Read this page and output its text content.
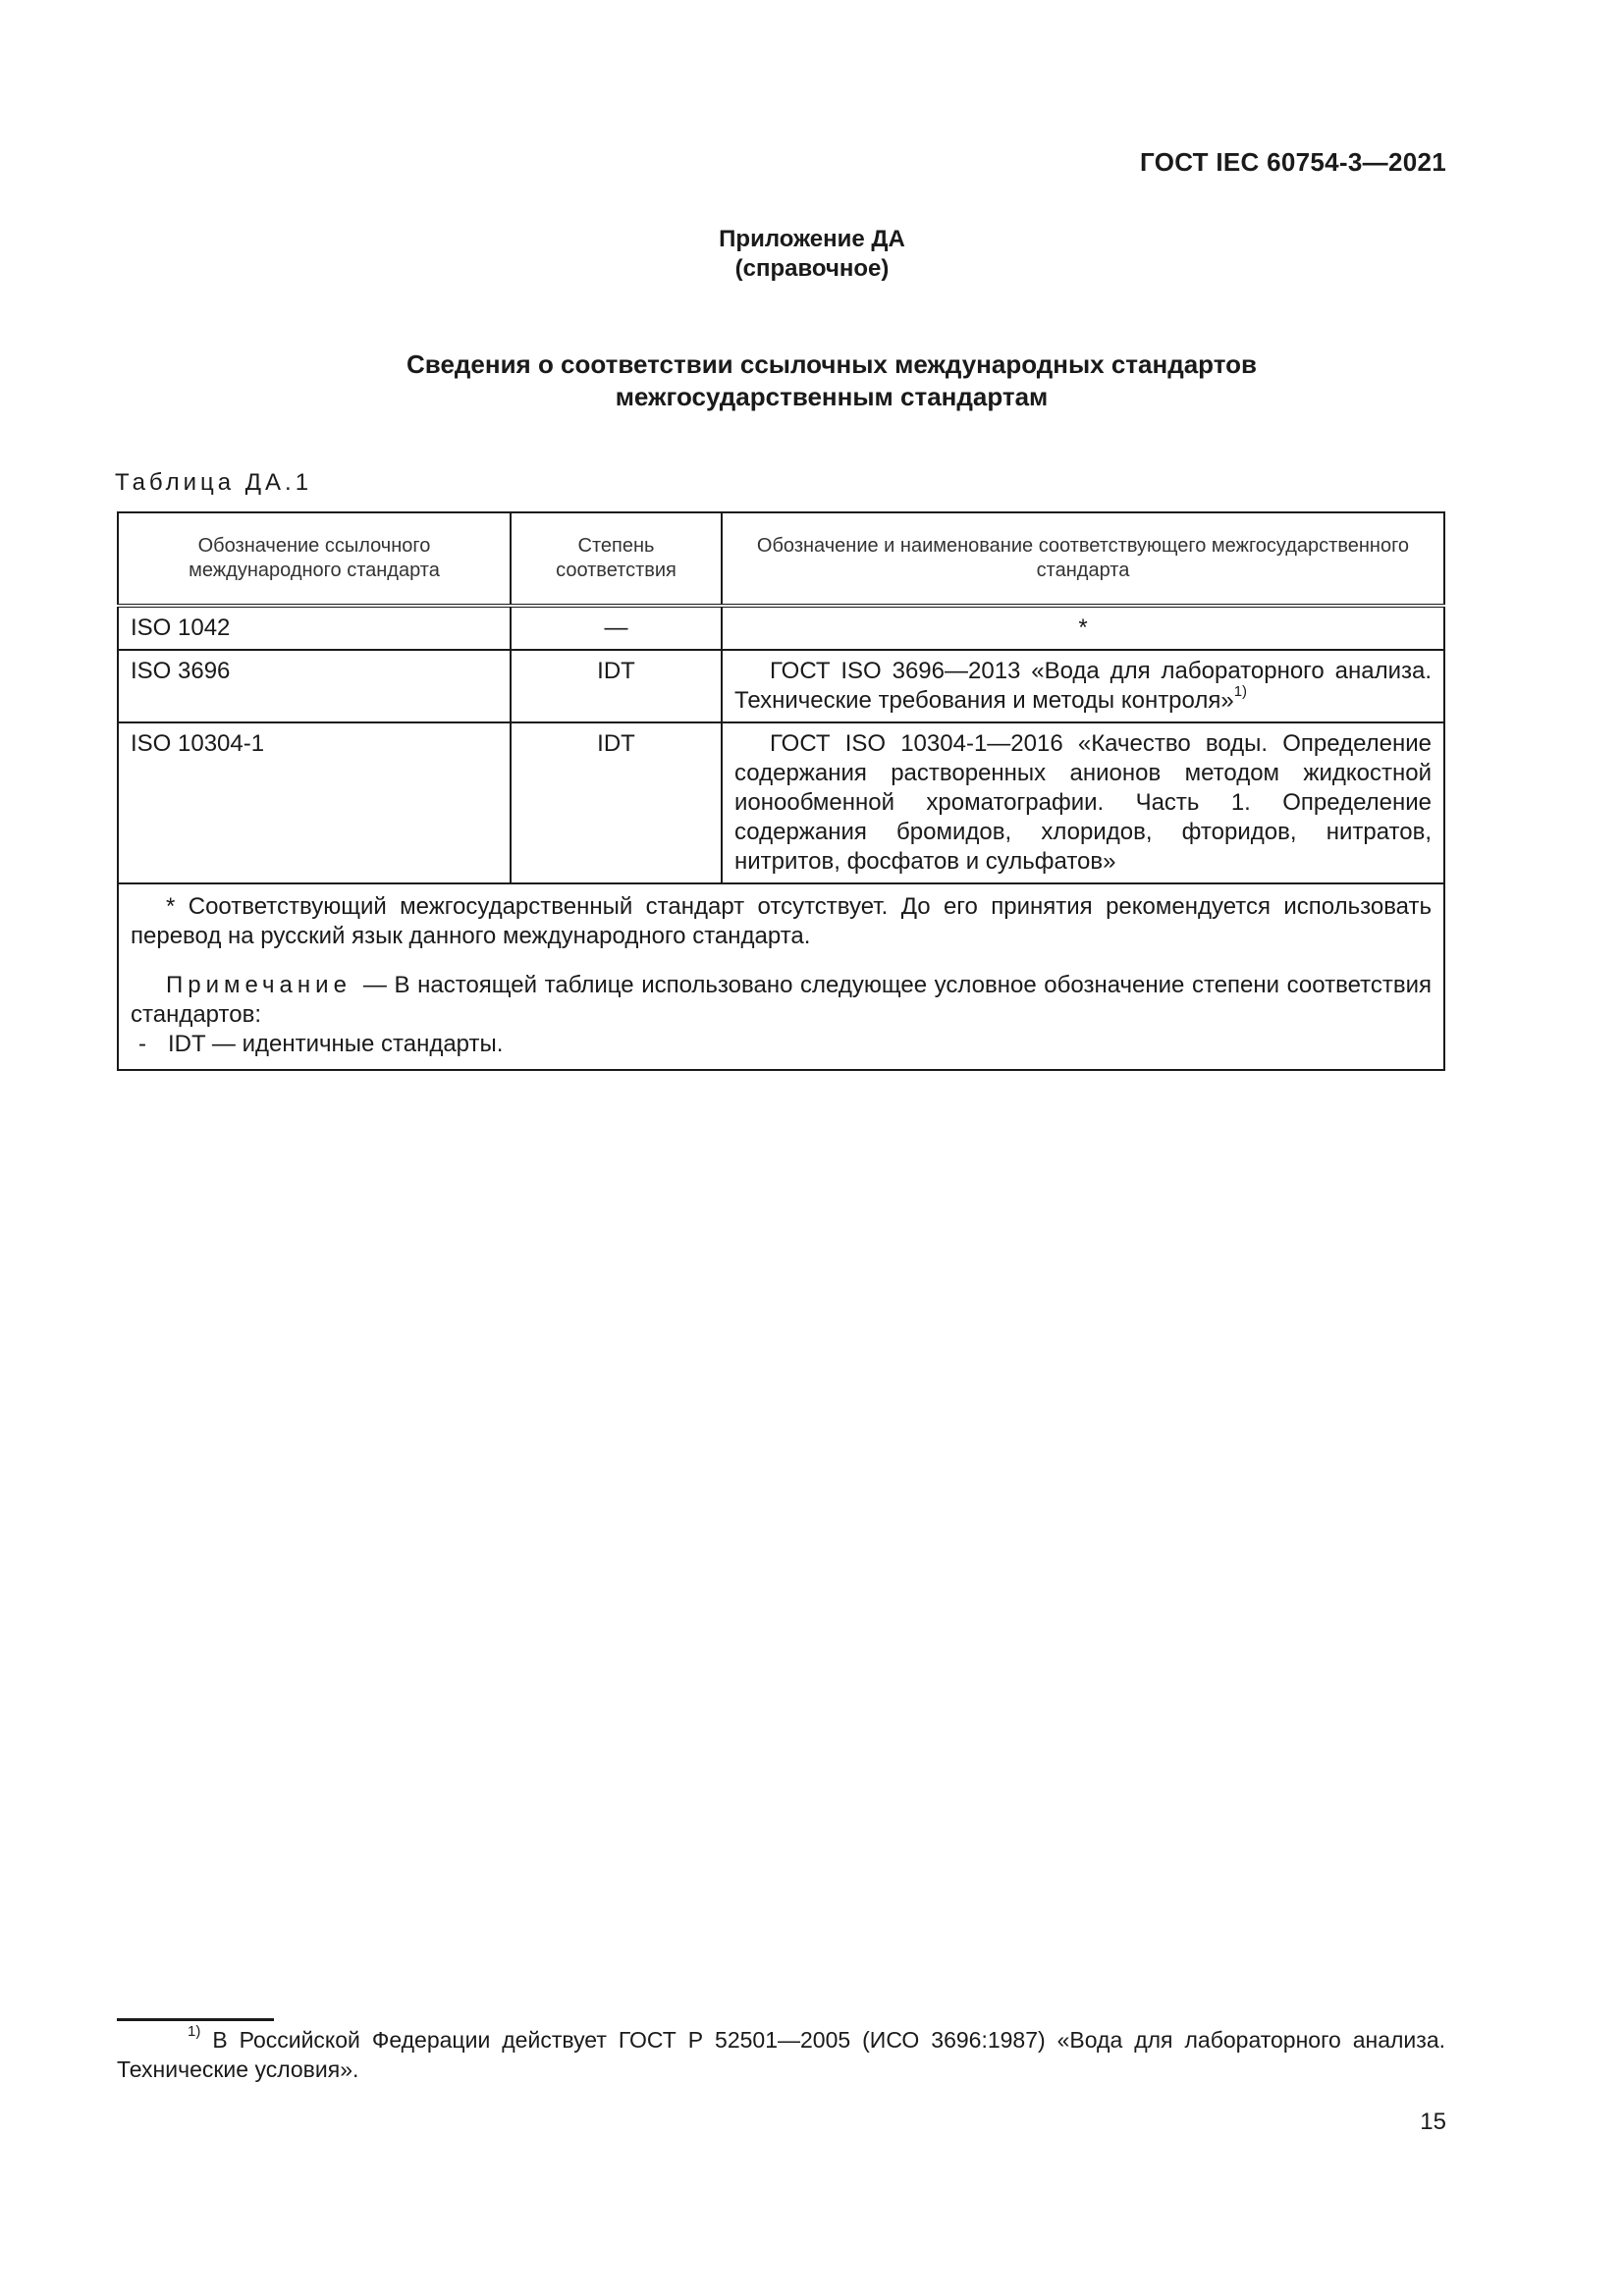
ГОСТ IEC 60754-3—2021
Приложение ДА
(справочное)
Сведения о соответствии ссылочных международных стандартов
межгосударственным стандартам
Таблица ДА.1
Обозначение ссылочного международного стандарта	Степень соответствия	Обозначение и наименование соответствующего межгосударственного стандарта
ISO 1042	—	*
ISO 3696	IDT	ГОСТ ISO 3696—2013 «Вода для лабораторного анализа. Технические требования и методы контроля»$^{1)}$
ISO 10304-1	IDT	ГОСТ ISO 10304-1—2016 «Качество воды. Определение содержания растворенных анионов методом жидкостной ионообменной хроматографии. Часть 1. Определение содержания бромидов, хлоридов, фторидов, нитратов, нитритов, фосфатов и сульфатов»

* Соответствующий межгосударственный стандарт отсутствует. До его принятия рекомендуется использовать перевод на русский язык данного международного стандарта.

Примечание — В настоящей таблице использовано следующее условное обозначение степени соответствия стандартов:

- IDT — идентичные стандарты.		

$^{1)}$ В Российской Федерации действует ГОСТ Р 52501—2005 (ИСО 3696:1987) «Вода для лабораторного анализа. Технические условия».

15
